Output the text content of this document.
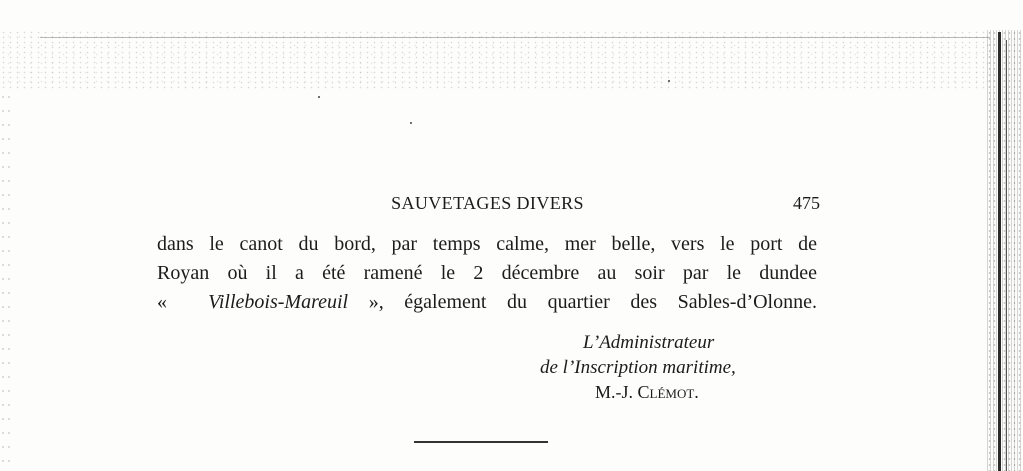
SAUVETAGES DIVERS	475
dans le canot du bord, par temps calme, mer belle, vers le port de
Royan où il a été ramené le 2 décembre au soir par le dundee
« Villebois-Mareuil », également du quartier des Sables-d’Olonne.
L’Administrateur
de l’Inscription maritime,
M.-J. Clémot.
